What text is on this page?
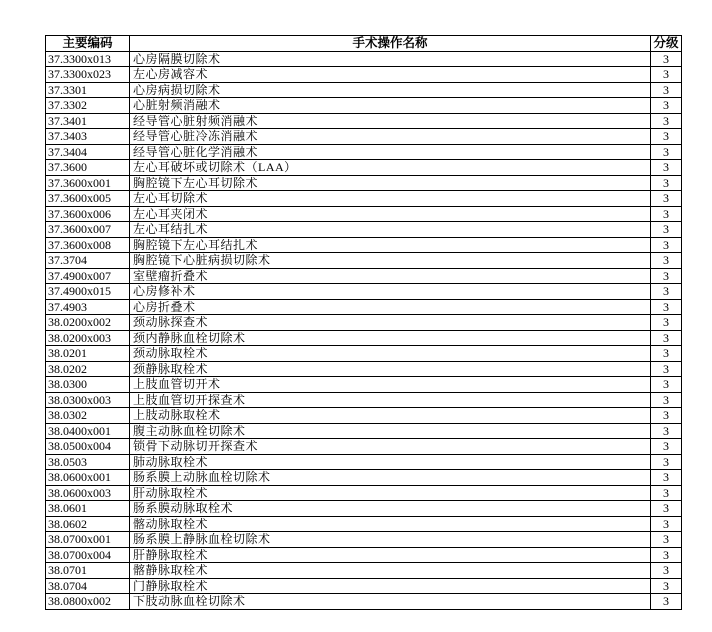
主要编码	手术操作名称	分级
37.3300x013	心房隔膜切除术	3
37.3300x023	左心房减容术	3
37.3301	心房病损切除术	3
37.3302	心脏射频消融术	3
37.3401	经导管心脏射频消融术	3
37.3403	经导管心脏冷冻消融术	3
37.3404	经导管心脏化学消融术	3
37.3600	左心耳破坏或切除术（LAA）	3
37.3600x001	胸腔镜下左心耳切除术	3
37.3600x005	左心耳切除术	3
37.3600x006	左心耳夹闭术	3
37.3600x007	左心耳结扎术	3
37.3600x008	胸腔镜下左心耳结扎术	3
37.3704	胸腔镜下心脏病损切除术	3
37.4900x007	室壁瘤折叠术	3
37.4900x015	心房修补术	3
37.4903	心房折叠术	3
38.0200x002	颈动脉探查术	3
38.0200x003	颈内静脉血栓切除术	3
38.0201	颈动脉取栓术	3
38.0202	颈静脉取栓术	3
38.0300	上肢血管切开术	3
38.0300x003	上肢血管切开探查术	3
38.0302	上肢动脉取栓术	3
38.0400x001	腹主动脉血栓切除术	3
38.0500x004	锁骨下动脉切开探查术	3
38.0503	肺动脉取栓术	3
38.0600x001	肠系膜上动脉血栓切除术	3
38.0600x003	肝动脉取栓术	3
38.0601	肠系膜动脉取栓术	3
38.0602	髂动脉取栓术	3
38.0700x001	肠系膜上静脉血栓切除术	3
38.0700x004	肝静脉取栓术	3
38.0701	髂静脉取栓术	3
38.0704	门静脉取栓术	3
38.0800x002	下肢动脉血栓切除术	3
